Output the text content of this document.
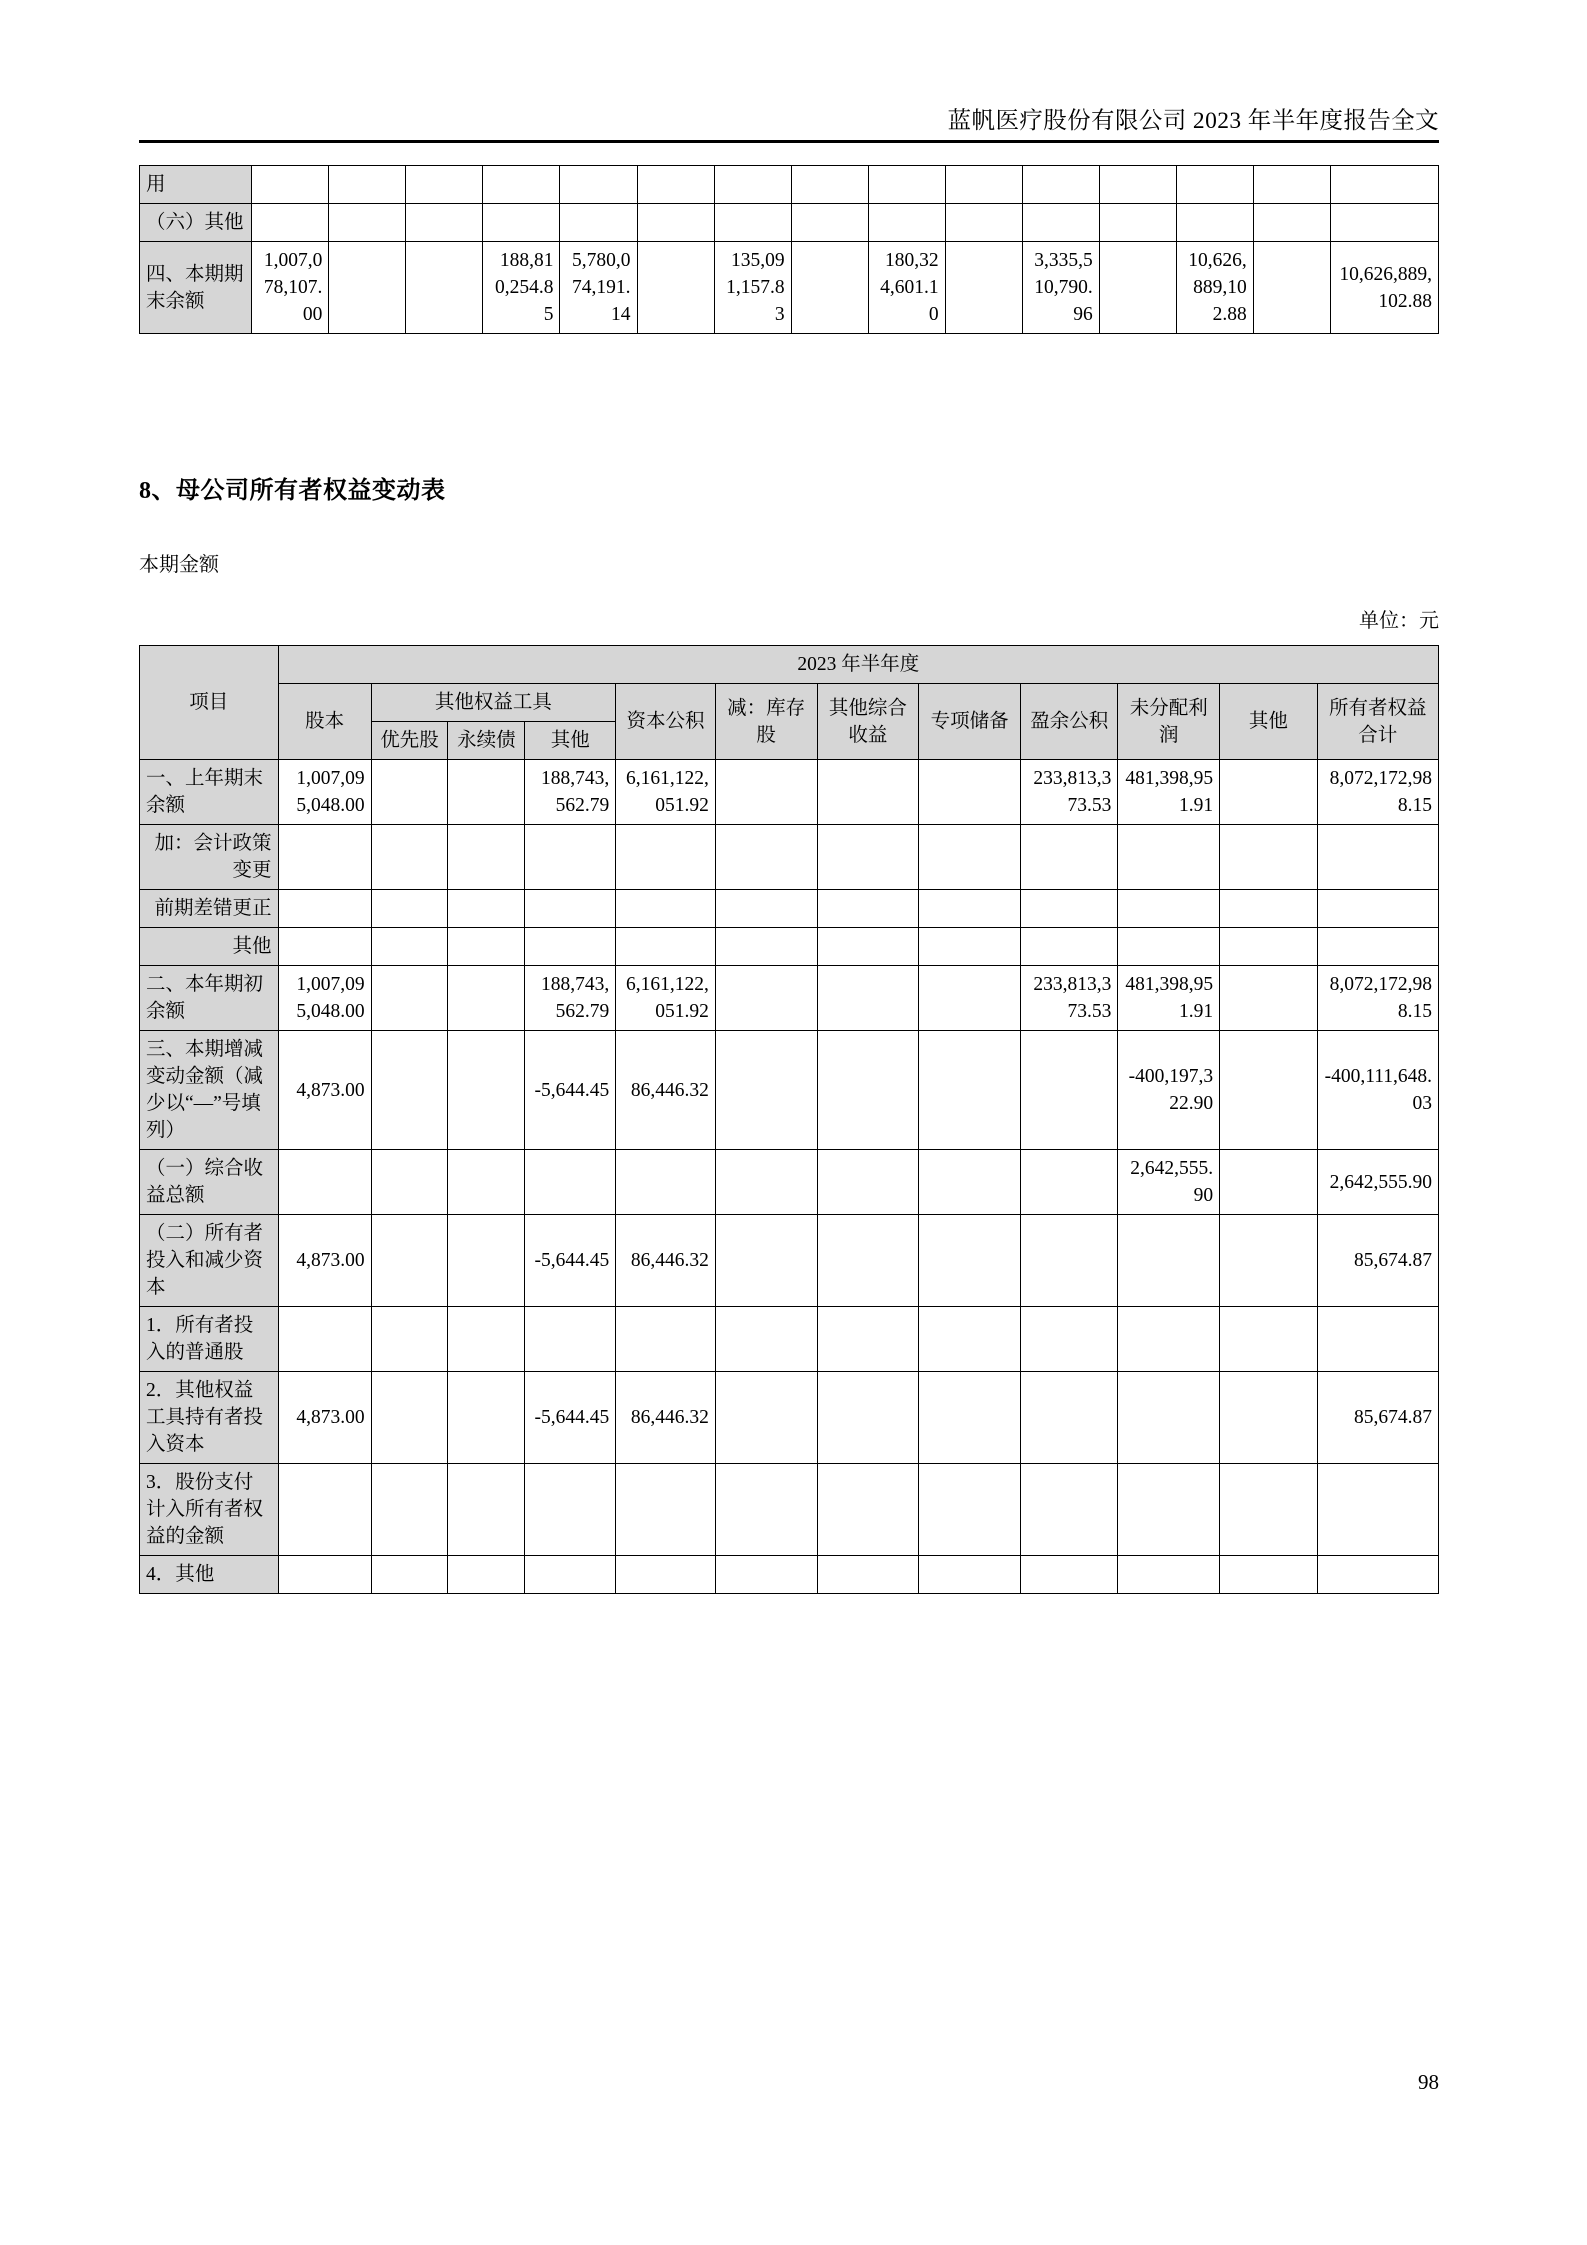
蓝帆医疗股份有限公司 2023 年半年度报告全文
用															
（六）其他															
四、本期期末余额	1,007,078,107.00			188,810,254.85	5,780,074,191.14		135,091,157.83		180,324,601.10		3,335,510,790.96		10,626,889,102.88		10,626,889,102.88
8、母公司所有者权益变动表
本期金额
单位：元
项目	2023 年半年度											
	股本	其他权益工具			资本公积	减：库存股	其他综合收益	专项储备	盈余公积	未分配利润	其他	所有者权益合计
		优先股	永续债	其他								
一、上年期末余额	1,007,095,048.00			188,743,562.79	6,161,122,051.92				233,813,373.53	481,398,951.91		8,072,172,988.15
加：会计政策变更												
前期差错更正												
其他												
二、本年期初余额	1,007,095,048.00			188,743,562.79	6,161,122,051.92				233,813,373.53	481,398,951.91		8,072,172,988.15
三、本期增减变动金额（减少以“—”号填列）	4,873.00			-5,644.45	86,446.32					-400,197,322.90		-400,111,648.03
（一）综合收益总额										2,642,555.90		2,642,555.90
（二）所有者投入和减少资本	4,873.00			-5,644.45	86,446.32							85,674.87
1．所有者投入的普通股												
2．其他权益工具持有者投入资本	4,873.00			-5,644.45	86,446.32							85,674.87
3．股份支付计入所有者权益的金额												
4．其他												
98
